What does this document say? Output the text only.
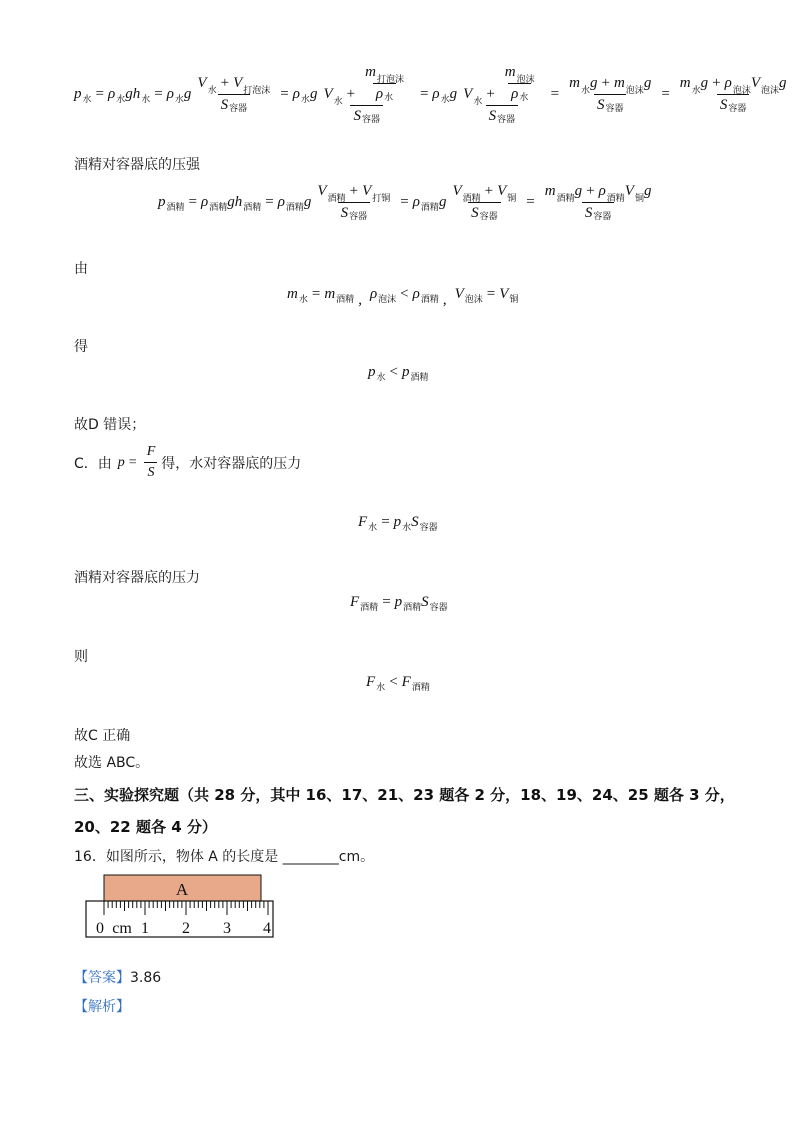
p 水 = ρ 水 g h 水 = ρ 水 g $\frac{\text{V 水 + V 打泡沫}}{\text{S 容器}} = \rho$ 水 g $\frac{V 水 + \frac{\text{m 打泡沫}}{\text{ρ 水}}}{\text{S 容器}} = \rho$ 水 g $\frac{V 水 + \frac{\text{m 泡沫}}{\text{ρ 水}}}{\text{S 容器}} = \frac{\text{m 水 g + m 泡沫 g}}{\text{S 容器}} = \frac{\text{m 水 g + ρ 泡沫 V 泡沫 g}}{\text{S 容器}}$
酒精对容器底的压强
p 酒精 = ρ 酒精 g h 酒精 = ρ 酒精 g $\frac{\text{V 酒精 + V 打铜}}{\text{S 容器}} = \rho$ 酒精 g $\frac{\text{V 酒精 + V 铜}}{\text{S 容器}} = \frac{\text{m 酒精 g + ρ 酒精 V 铜 g}}{\text{S 容器}}$
由
m 水 = m 酒精 , ρ 泡沫 < ρ 酒精 , V 泡沫 = V 铜
得
p 水 < p 酒精
故D 错误；
C．由 $p = \frac{F}{S}$ 得，水对容器底的压力
F 水 = p 水 S 容器
酒精对容器底的压力
F 酒精 = p 酒精 S 容器
则
F 水 < F 酒精
故C 正确
故选 ABC。
三、实验探究题（共 28 分，其中 16、17、21、23 题各 2 分，18、19、24、25 题各 3 分，
20、22 题各 4 分）
16．如图所示，物体 A 的长度是 ________cm。
A
0 cm 1 2 3 4
【答案】3.86
【解析】
